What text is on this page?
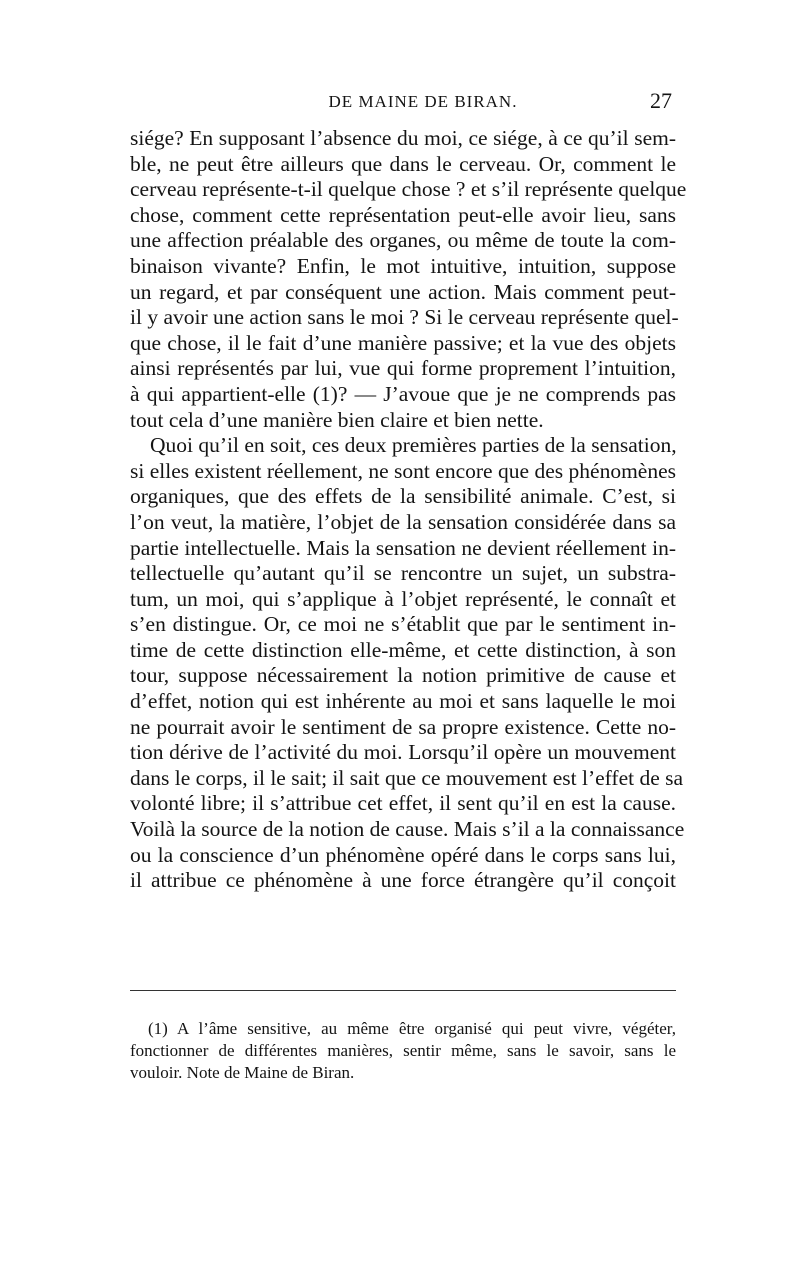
DE MAINE DE BIRAN.	27
siége? En supposant l’absence du moi, ce siége, à ce qu’il sem-
ble, ne peut être ailleurs que dans le cerveau. Or, comment le
cerveau représente-t-il quelque chose ? et s’il représente quelque
chose, comment cette représentation peut-elle avoir lieu, sans
une affection préalable des organes, ou même de toute la com-
binaison vivante? Enfin, le mot intuitive, intuition, suppose
un regard, et par conséquent une action. Mais comment peut-
il y avoir une action sans le moi ? Si le cerveau représente quel-
que chose, il le fait d’une manière passive; et la vue des objets
ainsi représentés par lui, vue qui forme proprement l’intuition,
à qui appartient-elle (1)? — J’avoue que je ne comprends pas
tout cela d’une manière bien claire et bien nette.
Quoi qu’il en soit, ces deux premières parties de la sensation,
si elles existent réellement, ne sont encore que des phénomènes
organiques, que des effets de la sensibilité animale. C’est, si
l’on veut, la matière, l’objet de la sensation considérée dans sa
partie intellectuelle. Mais la sensation ne devient réellement in-
tellectuelle qu’autant qu’il se rencontre un sujet, un substra-
tum, un moi, qui s’applique à l’objet représenté, le connaît et
s’en distingue. Or, ce moi ne s’établit que par le sentiment in-
time de cette distinction elle-même, et cette distinction, à son
tour, suppose nécessairement la notion primitive de cause et
d’effet, notion qui est inhérente au moi et sans laquelle le moi
ne pourrait avoir le sentiment de sa propre existence. Cette no-
tion dérive de l’activité du moi. Lorsqu’il opère un mouvement
dans le corps, il le sait; il sait que ce mouvement est l’effet de sa
volonté libre; il s’attribue cet effet, il sent qu’il en est la cause.
Voilà la source de la notion de cause. Mais s’il a la connaissance
ou la conscience d’un phénomène opéré dans le corps sans lui,
il attribue ce phénomène à une force étrangère qu’il conçoit
(1) A l’âme sensitive, au même être organisé qui peut vivre, végéter,
fonctionner de différentes manières, sentir même, sans le savoir, sans le
vouloir. Note de Maine de Biran.
